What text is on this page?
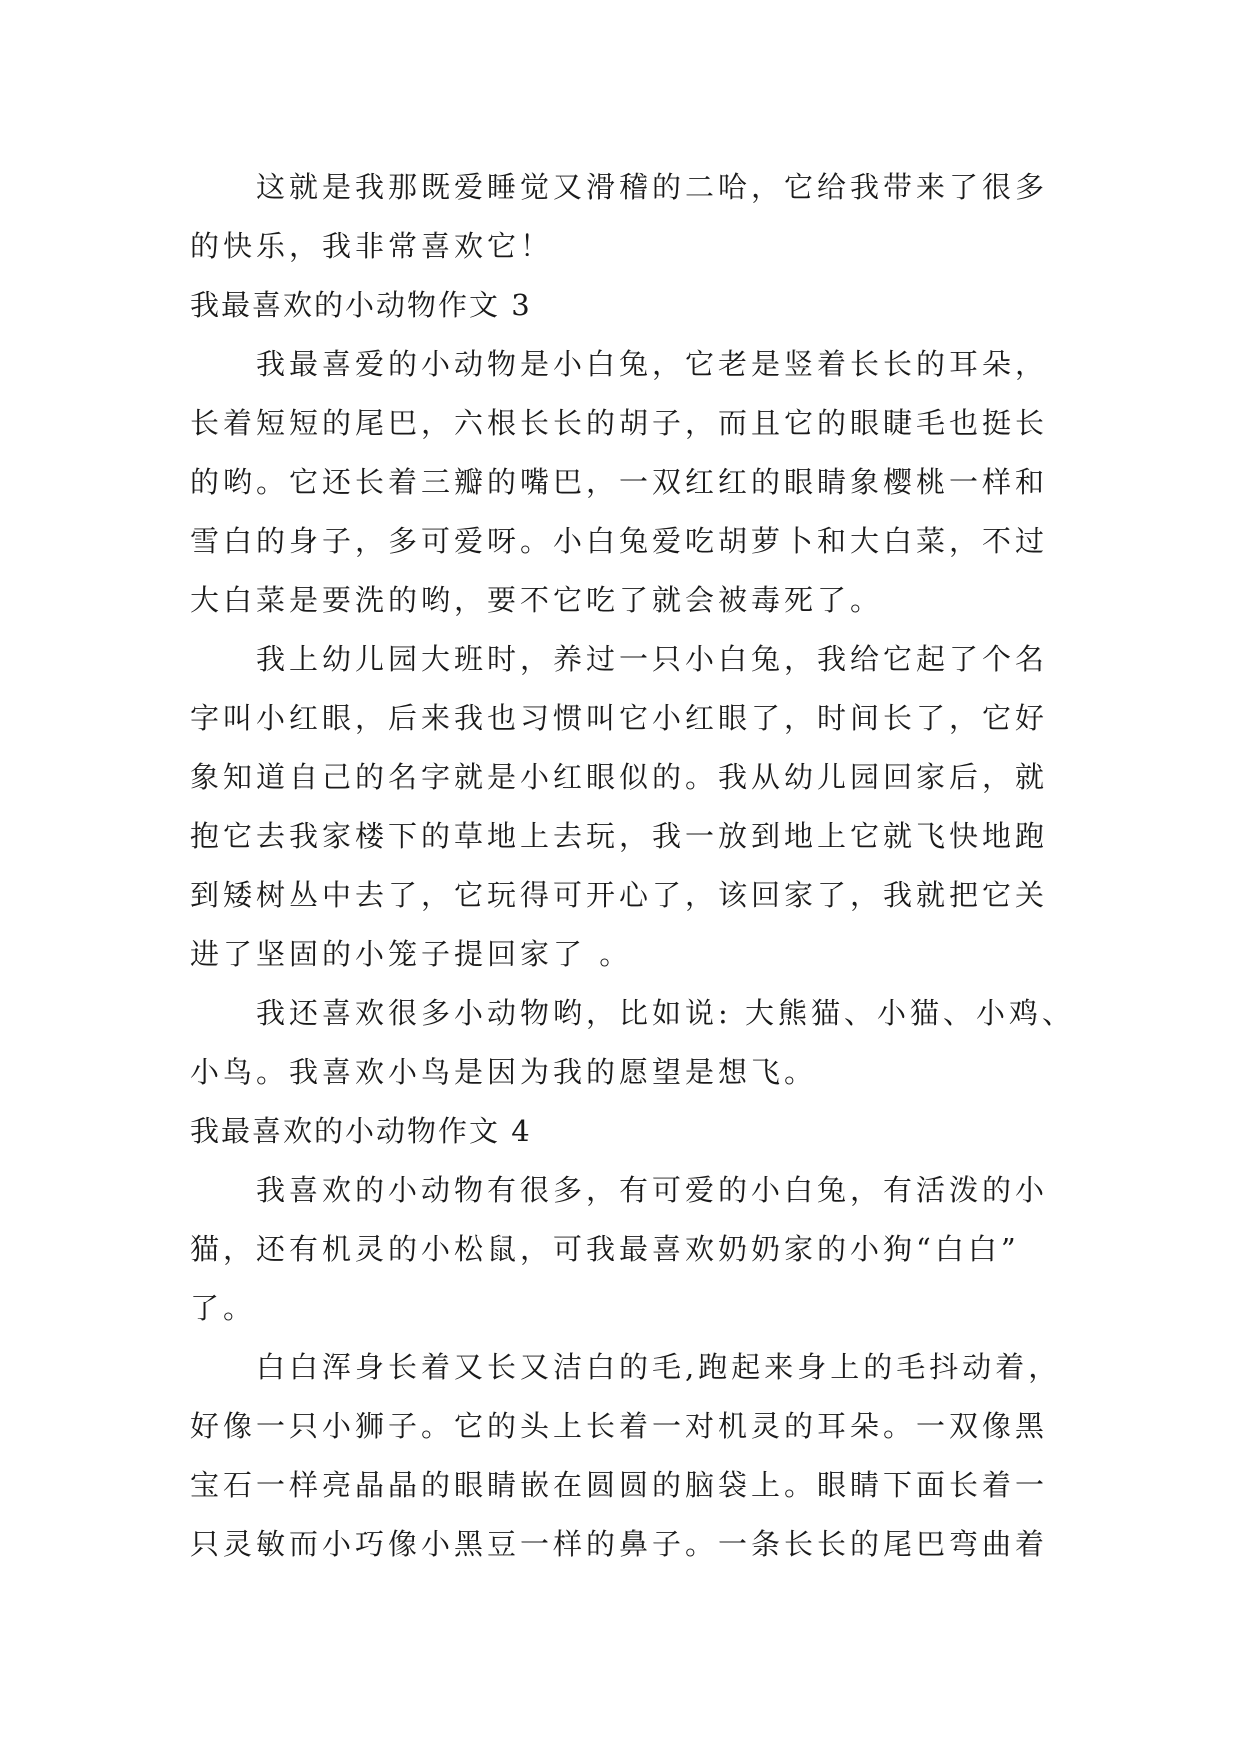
这就是我那既爱睡觉又滑稽的二哈，它给我带来了很多
的快乐，我非常喜欢它！

我最喜欢的小动物作文 3

我最喜爱的小动物是小白兔，它老是竖着长长的耳朵，
长着短短的尾巴，六根长长的胡子，而且它的眼睫毛也挺长
的哟。它还长着三瓣的嘴巴，一双红红的眼睛象樱桃一样和
雪白的身子，多可爱呀。小白兔爱吃胡萝卜和大白菜，不过
大白菜是要洗的哟，要不它吃了就会被毒死了。

我上幼儿园大班时，养过一只小白兔，我给它起了个名
字叫小红眼，后来我也习惯叫它小红眼了，时间长了，它好
象知道自己的名字就是小红眼似的。我从幼儿园回家后，就
抱它去我家楼下的草地上去玩，我一放到地上它就飞快地跑
到矮树丛中去了，它玩得可开心了，该回家了，我就把它关
进了坚固的小笼子提回家了 。

我还喜欢很多小动物哟，比如说: 大熊猫、小猫、小鸡、
小鸟。我喜欢小鸟是因为我的愿望是想飞。

我最喜欢的小动物作文 4

我喜欢的小动物有很多，有可爱的小白兔，有活泼的小
猫，还有机灵的小松鼠，可我最喜欢奶奶家的小狗“白白”
了。

白白浑身长着又长又洁白的毛,跑起来身上的毛抖动着，
好像一只小狮子。它的头上长着一对机灵的耳朵。一双像黑
宝石一样亮晶晶的眼睛嵌在圆圆的脑袋上。眼睛下面长着一
只灵敏而小巧像小黑豆一样的鼻子。一条长长的尾巴弯曲着
